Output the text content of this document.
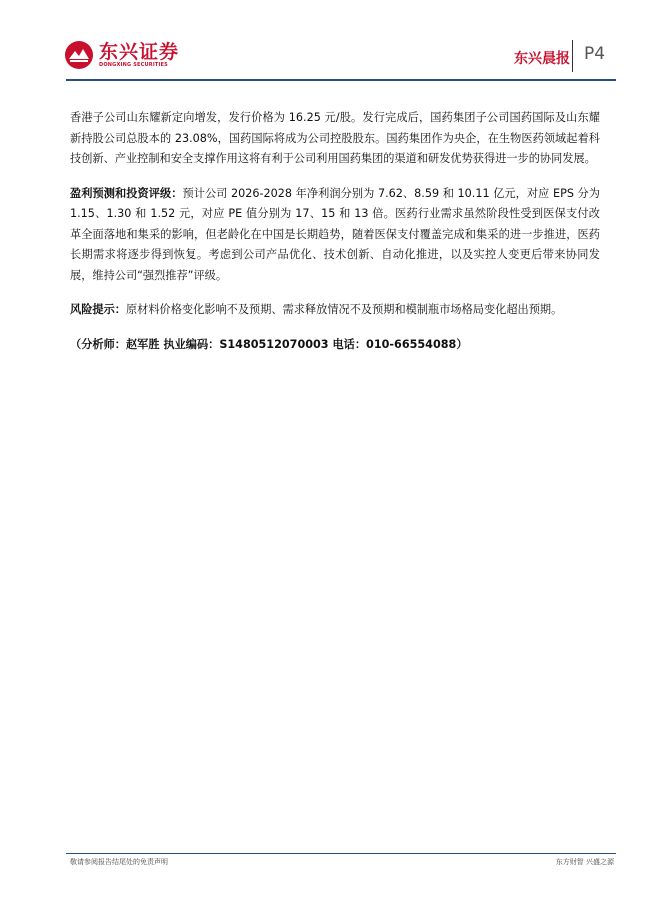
东兴证券
DONGXING SECURITIES	东兴晨报 P4

香港子公司山东耀新定向增发，发行价格为 16.25 元/股。发行完成后，国药集团子公司国药国际及山东耀新持股公司总股本的 23.08%，国药国际将成为公司控股股东。国药集团作为央企，在生物医药领域起着科技创新、产业控制和安全支撑作用这将有利于公司利用国药集团的渠道和研发优势获得进一步的协同发展。

盈利预测和投资评级：预计公司 2026-2028 年净利润分别为 7.62、8.59 和 10.11 亿元，对应 EPS 分为 1.15、1.30 和 1.52 元，对应 PE 值分别为 17、15 和 13 倍。医药行业需求虽然阶段性受到医保支付改革全面落地和集采的影响，但老龄化在中国是长期趋势，随着医保支付覆盖完成和集采的进一步推进，医药长期需求将逐步得到恢复。考虑到公司产品优化、技术创新、自动化推进，以及实控人变更后带来协同发展，维持公司“强烈推荐”评级。

风险提示：原材料价格变化影响不及预期、需求释放情况不及预期和模制瓶市场格局变化超出预期。

（分析师：赵军胜 执业编码：S1480512070003 电话：010-66554088）

敬请参阅报告结尾处的免责声明	东方财智 兴盛之源
